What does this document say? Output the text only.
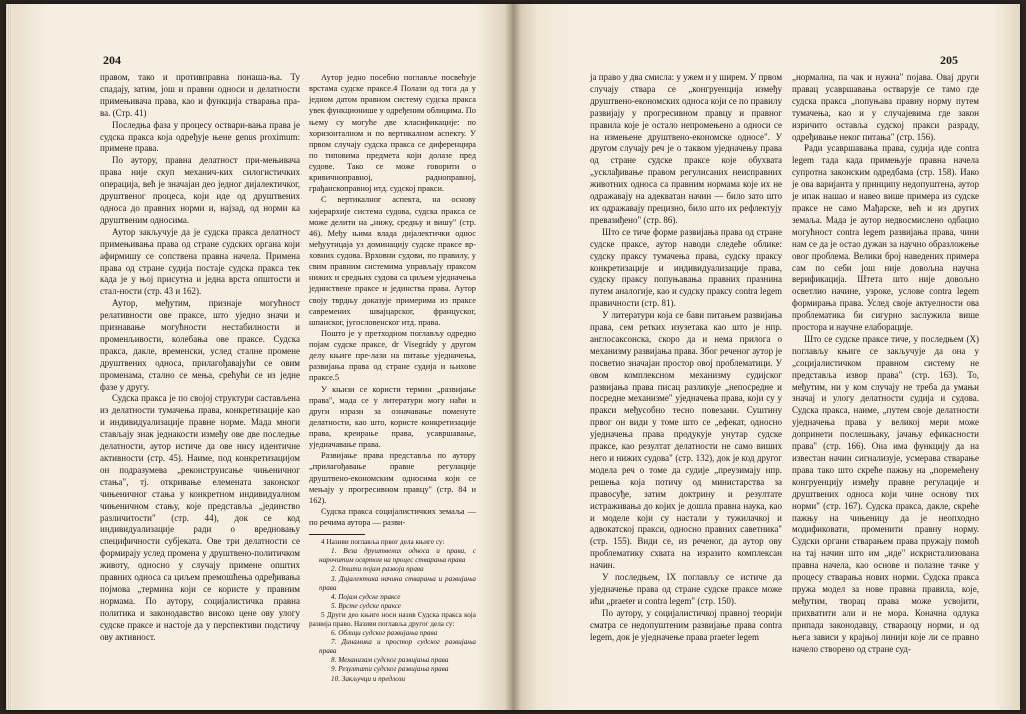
204

правом, тако и противправна понаша-ња. Ту спадају, затим, још и правни односи и делатности примењивача права, као и функција стварања пра-ва. (Стр. 41)

Последња фаза у процесу оствари-вања права је судска пракса која одређује њене genus proximum: примене права.

По аутору, правна делатност при-мењивача права није скуп механич-ких силогистичких операција, већ је значајан део једног дијалектичког, друштвеног процеса, који иде од друштвених односа до правних норми и, најзад, од норми ка друштвеним односима.

Аутор закључује да је судска пракса делатност примењивања права од стране судских органа који афирмишу се сопствена правна начела. Примена права од стране судија постаје судска пракса тек када је у њој присутна и једна врста општости и стал-ности (стр. 43 и 162).

Аутор, међутим, признаје могућност релативности ове праксе, што уједно значи и признавање могућности нестабилности и променљивости, колебања ове праксе. Судска пракса, дакле, временски, услед сталне промене друштвених односа, прилагођавајући се овим променама, стално се мења, срећући се из једне фазе у другу.

Судска пракса је по својој структури састављена из делатности тумачења права, конкретизације као и индивидуализације правне норме. Мада многи стављају знак једнакости између ове две последње делатности, аутор истиче да ове нису идентичне активности (стр. 45). Наиме, под конкретизацијом он подразумева „реконструисање чињеничног стања", тј. откривање елемената законског чињеничног стања у конкретном индивидуалном чињеничном стању, које представља „јединство различитости" (стр. 44), док се код индивидуализације ради о вредновању специфичности субјеката. Ове три делатности се формирају услед промена у друштвено-политичком животу, односно у случају примене општих правних односа са циљем премошћења одређивања појмова „термина који се користе у правним нормама. По аутору, социјалистичка правна политика и законодавство високо цене ову улогу судске праксе и настоје да у перспективи подстичу ову активност.

Аутор једно посебно поглавље посвећује врстама судске праксе.4 Полази од тога да у једном датом правном систему судска пракса увек функционише у одређеним облицима. По њему су могуће две класификације: по хоризонталном и по вертикалном аспекту. У првом случају судска пракса се диференцира по типовима предмета који долазе пред судове. Тако се може говорити о кривичноправној, радноправној, грађанскоправној итд. судској пракси.

С вертикалног аспекта, на основу хијерархије система судова, судска пракса се може делити на „нижу, средњу и вишу" (стр. 46). Међу њима влада дијалектички однос међуутицаја уз доминацију судске праксе вр-ховних судова. Врховни судови, по правилу, у свим правним системима управљају праксом нижих и средњих судова са циљем уједначења јединствене праксе и јединства права. Аутор своју тврдњу доказује примерима из праксе савремених швајцарског, француског, шпанског, југословенског итд. права.

Пошто је у претходном поглављу одредио појам судске праксе, dr Visegrády у другом делу књиге пре-лази на питање уједначења, развијања права од стране судија и њихове праксе.5

У књизи се користи термин „развијање права", мада се у литератури могу наћи и други изрази за означавање поменуте делатности, као што, користе конкретизације права, креирање права, усавршавање, уједначавање права.

Развијање права представља по аутору „прилагођавање правне регулације друштвено-економским односима који се мењају у прогресивном правцу" (стр. 84 и 162).

Судска пракса социјалистичких земаља — по речима аутора — разви-

4 Називи поглавља првог дела књиге су:

1. Веза друштвених односа и права, с нарочитим освртом на процес стварања права

2. Општи појам развоја права

3. Дијалектика начина стварања и развијања права

4. Појам судске праксе

5. Врсте судске праксе

5 Други део књиге носи назив Судска пракса која развија право. Називи поглавља другог дела су:

6. Облици судског развијања права

7. Динамика и простор судског развијања права

8. Механизам судског развијања права

9. Резултати судског развијања права

10. Закључци и предлози

205

ја право у два смисла: у ужем и у ширем. У првом случају ствара се „конгруенција између друштвено-економских односа који се по правилу развијају у прогресивном правцу и правног правила које је остало непромењено а односи се на измењене друштвено-економске односе". У другом случају реч је о таквом уједначењу права од стране судске праксе које обухвата „усклађивање правом регулисаних неисправних животних односа са правним нормама које их не одражавају на адекватан начин — било зато што их одражавају прецизно, било што их рефлектују превазиђено" (стр. 86).

Што се тиче форме развијања права од стране судске праксе, аутор наводи следеће облике: судску праксу тумачења права, судску праксу конкретизације и индивидуализације права, судску праксу попуњавања правних празнина путем аналогије, као и судску праксу contra legem правичности (стр. 81).

У литератури која се бави питањем развијања права, сем ретких изузетака као што је нпр. англосаксонска, скоро да и нема прилога о механизму развијања права. Због реченог аутор је посветио значајан простор овој проблематици. У овом комплексном механизму судијског развијања права писац разликује „непосредне и посредне механизме" уједначења права, који су у пракси међусобно тесно повезани. Суштину првог он види у томе што се „ефекат, односно уједначења права продукује унутар судске праксе, као резултат делатности не само виших него и нижих судова" (стр. 132), док је код другог модела реч о томе да судије „преузимају нпр. решења која потичу од министарства за правосуђе, затим доктрину и резултате истраживања до којих је дошла правна наука, као и моделе који су настали у тужилачкој и адвокатској пракси, односно правних саветника" (стр. 155). Види се, из реченог, да аутор ову проблематику схвата на изразито комплексан начин.

У последњем, IX поглављу се истиче да уједначење права од стране судске праксе може ићи „praeter и contra legem" (стр. 150).

По аутору, у социјалистичкој правној теорији сматра се недопуштеним развијање права contra legem, док је уједначење права praeter legem

„нормална, па чак и нужна" појава. Овај други правац усавршавања остварује се тамо где судска пракса „попуњава правну норму путем тумачења, као и у случајевима где закон изричито оставља судској пракси разраду, одређивање неког питања" (стр. 156).

Ради усавршавања права, судија иде contra legem тада када примењује правна начела супротна законским одредбама (стр. 158). Иако је ова варијанта у принципу недопуштена, аутор је ипак нашао и навео више примера из судске праксе не само Мађарске, већ и из других земаља. Мада је аутор недвосмислено одбацио могућност contra legem развијања права, чини нам се да је остао дужан за научно образложење овог проблема. Велики број наведених примера сам по себи још није довољна научна верификација. Штета што није довољно осветлио начине, узроке, услове contra legem формирања права. Услед своје актуелности ова проблематика би сигурно заслужила више простора и научне елаборације.

Што се судске праксе тиче, у последњем (X) поглављу књиге се закључује да она у „социјалистичком правном систему не представља извор права" (стр. 163). То, међутим, ни у ком случају не треба да умањи значај и улогу делатности судија и судова. Судска пракса, наиме, „путем своје делатности уједначења права у великој мери може допринети послешњаку, јачању ефикасности права" (стр. 166). Она има функцију да на известан начин сигнализује, усмерава стварање права тако што скреће пажњу на „поремећену конгруенцију између правне регулације и друштвених односа који чине основу тих норми" (стр. 167). Судска пракса, дакле, скреће пажњу на чињеницу да је неопходно модификовати, променити правну норму. Судски органи стварањем права пружају помоћ на тај начин што им „иде" искристализована правна начела, као основе и полазне тачке у процесу стварања нових норми. Судска пракса пружа модел за нове правна правила, које, међутим, творац права може усвојити, прихватити али и не мора. Коначна одлука припада законодавцу, ствараоцу норми, и од њега зависи у крајњој линији које ли се правно начело створено од стране суд-
